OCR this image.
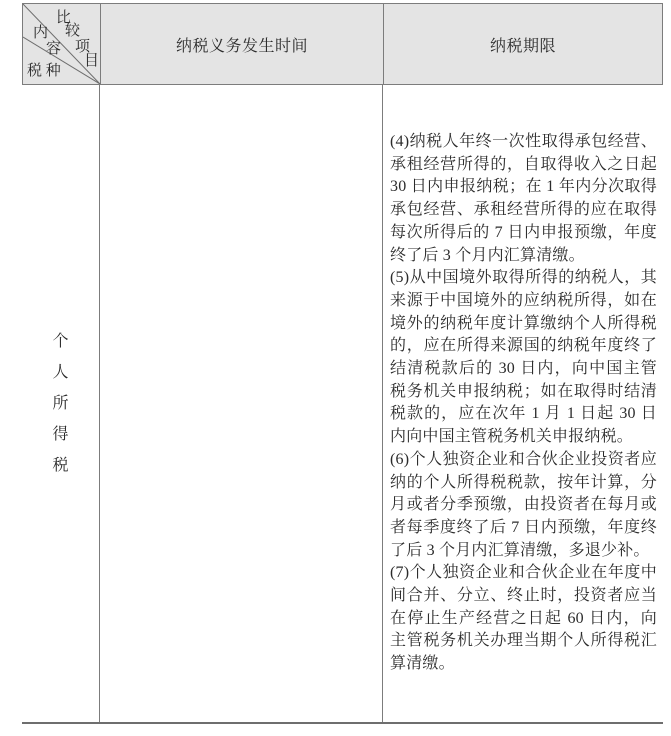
比
较
项
目
内
容
税 种
纳税义务发生时间	纳税期限
个
人
所
得
税

(4)纳税人年终一次性取得承包经营、承租经营所得的，自取得收入之日起 30 日内申报纳税；在 1 年内分次取得承包经营、承租经营所得的应在取得每次所得后的 7 日内申报预缴，年度终了后 3 个月内汇算清缴。

(5)从中国境外取得所得的纳税人，其来源于中国境外的应纳税所得，如在境外的纳税年度计算缴纳个人所得税的，应在所得来源国的纳税年度终了结清税款后的 30 日内，向中国主管税务机关申报纳税；如在取得时结清税款的，应在次年 1 月 1 日起 30 日内向中国主管税务机关申报纳税。

(6)个人独资企业和合伙企业投资者应纳的个人所得税税款，按年计算，分月或者分季预缴，由投资者在每月或者每季度终了后 7 日内预缴，年度终了后 3 个月内汇算清缴，多退少补。

(7)个人独资企业和合伙企业在年度中间合并、分立、终止时，投资者应当在停止生产经营之日起 60 日内，向主管税务机关办理当期个人所得税汇算清缴。
